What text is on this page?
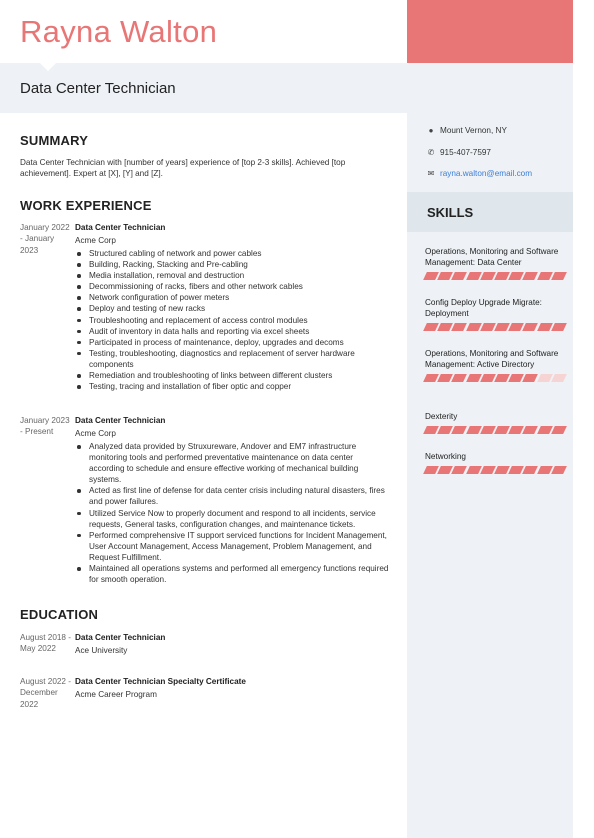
Rayna Walton
Data Center Technician
SUMMARY

Data Center Technician with [number of years] experience of [top 2-3 skills]. Achieved [top achievement]. Expert at [X], [Y] and [Z].

WORK EXPERIENCE
January 2022 - January 2023
Data Center Technician
Acme Corp
Structured cabling of network and power cables
Building, Racking, Stacking and Pre-cabling
Media installation, removal and destruction
Decommissioning of racks, fibers and other network cables
Network configuration of power meters
Deploy and testing of new racks
Troubleshooting and replacement of access control modules
Audit of inventory in data halls and reporting via excel sheets
Participated in process of maintenance, deploy, upgrades and decoms
Testing, troubleshooting, diagnostics and replacement of server hardware components
Remediation and troubleshooting of links between different clusters
Testing, tracing and installation of fiber optic and copper
January 2023 - Present
Data Center Technician
Acme Corp
Analyzed data provided by Struxureware, Andover and EM7 infrastructure monitoring tools and performed preventative maintenance on data center according to schedule and ensure effective working of mechanical building systems.
Acted as first line of defense for data center crisis including natural disasters, fires and power failures.
Utilized Service Now to properly document and respond to all incidents, service requests, General tasks, configuration changes, and maintenance tickets.
Performed comprehensive IT support serviced functions for Incident Management, User Account Management, Access Management, Problem Management, and Request Fulfillment.
Maintained all operations systems and performed all emergency functions required for smooth operation.
EDUCATION
August 2018 - May 2022
Data Center Technician
Ace University
August 2022 - December 2022
Data Center Technician Specialty Certificate
Acme Career Program
● Mount Vernon, NY
✆ 915-407-7597
✉ rayna.walton@email.com
SKILLS
Operations, Monitoring and Software Management: Data Center
Config Deploy Upgrade Migrate: Deployment
Operations, Monitoring and Software Management: Active Directory
Dexterity
Networking
